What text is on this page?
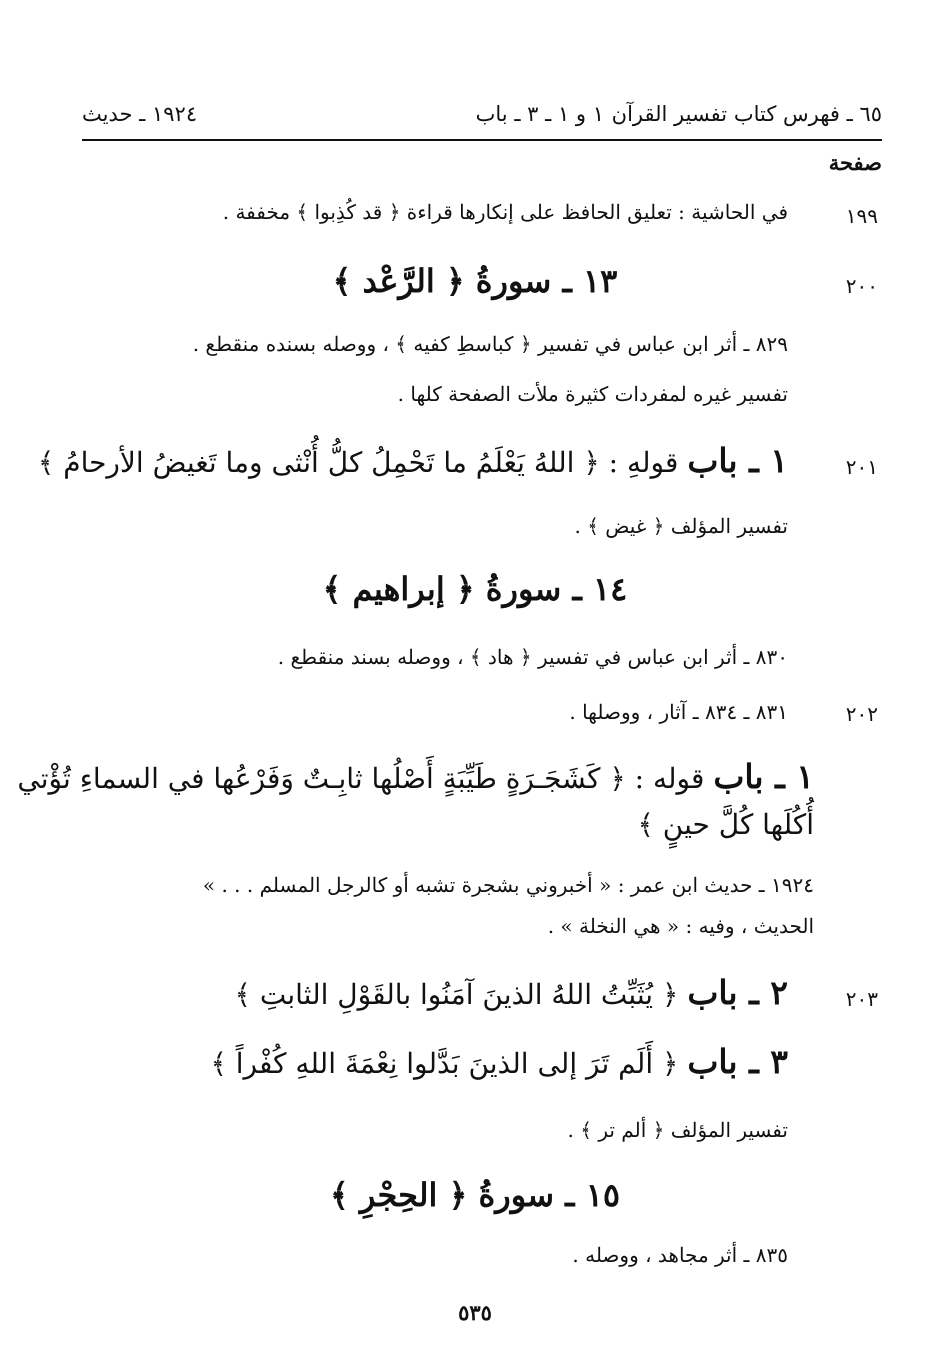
٦٥ ـ فهرس كتاب تفسير القرآن
١ و ١ ـ ٣ ـ باب
١٩٢٤ ـ حديث
صفحة
١٩٩
في الحاشية : تعليق الحافظ على إنكارها قراءة ﴿ قد كُذِبوا ﴾ مخففة .
٢٠٠
١٣ ـ سورةُ ﴿ الرَّعْد ﴾
٨٢٩ ـ أثر ابن عباس في تفسير ﴿ كباسطِ كفيه ﴾ ، ووصله بسنده منقطع .
تفسير غيره لمفردات كثيرة ملأت الصفحة كلها .
٢٠١
١ ـ باب قولهِ : ﴿ اللهُ يَعْلَمُ ما تَحْمِلُ كلُّ أُنْثى وما تَغيضُ الأرحامُ ﴾
تفسير المؤلف ﴿ غيض ﴾ .
١٤ ـ سورةُ ﴿ إبراهيم ﴾
٨٣٠ ـ أثر ابن عباس في تفسير ﴿ هاد ﴾ ، ووصله بسند منقطع .
٢٠٢
٨٣١ ـ ٨٣٤ ـ آثار ، ووصلها .
١ ـ باب قوله : ﴿ كَشَجَـرَةٍ طَيِّبَةٍ أَصْلُها ثابِـتٌ وَفَرْعُها في السماءِ تُؤْتي
أُكُلَها كُلَّ حينٍ ﴾
١٩٢٤ ـ حديث ابن عمر : « أخبروني بشجرة تشبه أو كالرجل المسلم . . . »
الحديث ، وفيه : « هي النخلة » .
٢٠٣
٢ ـ باب ﴿ يُثَبِّتُ اللهُ الذينَ آمَنُوا بالقَوْلِ الثابتِ ﴾
٣ ـ باب ﴿ أَلَم تَرَ إلى الذينَ بَدَّلوا نِعْمَةَ اللهِ كُفْراً ﴾
تفسير المؤلف ﴿ ألم تر ﴾ .
١٥ ـ سورةُ ﴿ الحِجْرِ ﴾
٨٣٥ ـ أثر مجاهد ، ووصله .
٥٣٥
